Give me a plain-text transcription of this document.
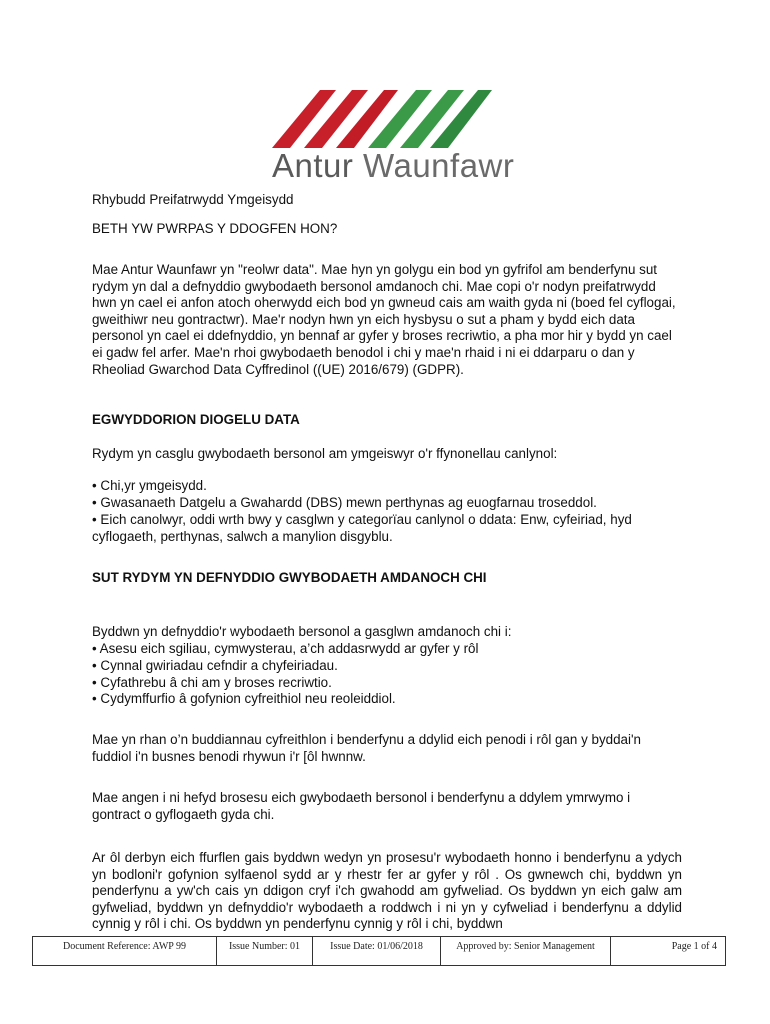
Antur Waunfawr

Rhybudd Preifatrwydd Ymgeisydd

BETH YW PWRPAS Y DDOGFEN HON?

Mae Antur Waunfawr yn "reolwr data". Mae hyn yn golygu ein bod yn gyfrifol am benderfynu sut rydym yn dal a defnyddio gwybodaeth bersonol amdanoch chi. Mae copi o'r nodyn preifatrwydd hwn yn cael ei anfon atoch oherwydd eich bod yn gwneud cais am waith gyda ni (boed fel cyflogai, gweithiwr neu gontractwr). Mae'r nodyn hwn yn eich hysbysu o sut a pham y bydd eich data personol yn cael ei ddefnyddio, yn bennaf ar gyfer y broses recriwtio, a pha mor hir y bydd yn cael ei gadw fel arfer. Mae'n rhoi gwybodaeth benodol i chi y mae'n rhaid i ni ei ddarparu o dan y Rheoliad Gwarchod Data Cyffredinol ((UE) 2016/679) (GDPR).

EGWYDDORION DIOGELU DATA

Rydym yn casglu gwybodaeth bersonol am ymgeiswyr o'r ffynonellau canlynol:

• Chi,yr ymgeisydd.

• Gwasanaeth Datgelu a Gwahardd (DBS) mewn perthynas ag euogfarnau troseddol.

• Eich canolwyr, oddi wrth bwy y casglwn y categorïau canlynol o ddata: Enw, cyfeiriad, hyd cyflogaeth, perthynas, salwch a manylion disgyblu.

SUT RYDYM YN DEFNYDDIO GWYBODAETH AMDANOCH CHI

Byddwn yn defnyddio'r wybodaeth bersonol a gasglwn amdanoch chi i:

• Asesu eich sgiliau, cymwysterau, a’ch addasrwydd ar gyfer y rôl

• Cynnal gwiriadau cefndir a chyfeiriadau.

• Cyfathrebu â chi am y broses recriwtio.

• Cydymffurfio â gofynion cyfreithiol neu reoleiddiol.

Mae yn rhan o’n buddiannau cyfreithlon i benderfynu a ddylid eich penodi i rôl gan y byddai'n fuddiol i'n busnes benodi rhywun i'r [ôl hwnnw.

Mae angen i ni hefyd brosesu eich gwybodaeth bersonol i benderfynu a ddylem ymrwymo i gontract o gyflogaeth gyda chi.

Ar ôl derbyn eich ffurflen gais byddwn wedyn yn prosesu'r wybodaeth honno i benderfynu a ydych yn bodloni'r gofynion sylfaenol sydd ar y rhestr fer ar gyfer y rôl . Os gwnewch chi, byddwn yn penderfynu a yw'ch cais yn ddigon cryf i'ch gwahodd am gyfweliad. Os byddwn yn eich galw am gyfweliad, byddwn yn defnyddio'r wybodaeth a roddwch i ni yn y cyfweliad i benderfynu a ddylid cynnig y rôl i chi. Os byddwn yn penderfynu cynnig y rôl i chi, byddwn

Document Reference: AWP 99	Issue Number: 01	Issue Date: 01/06/2018	Approved by: Senior Management	Page 1 of 4
